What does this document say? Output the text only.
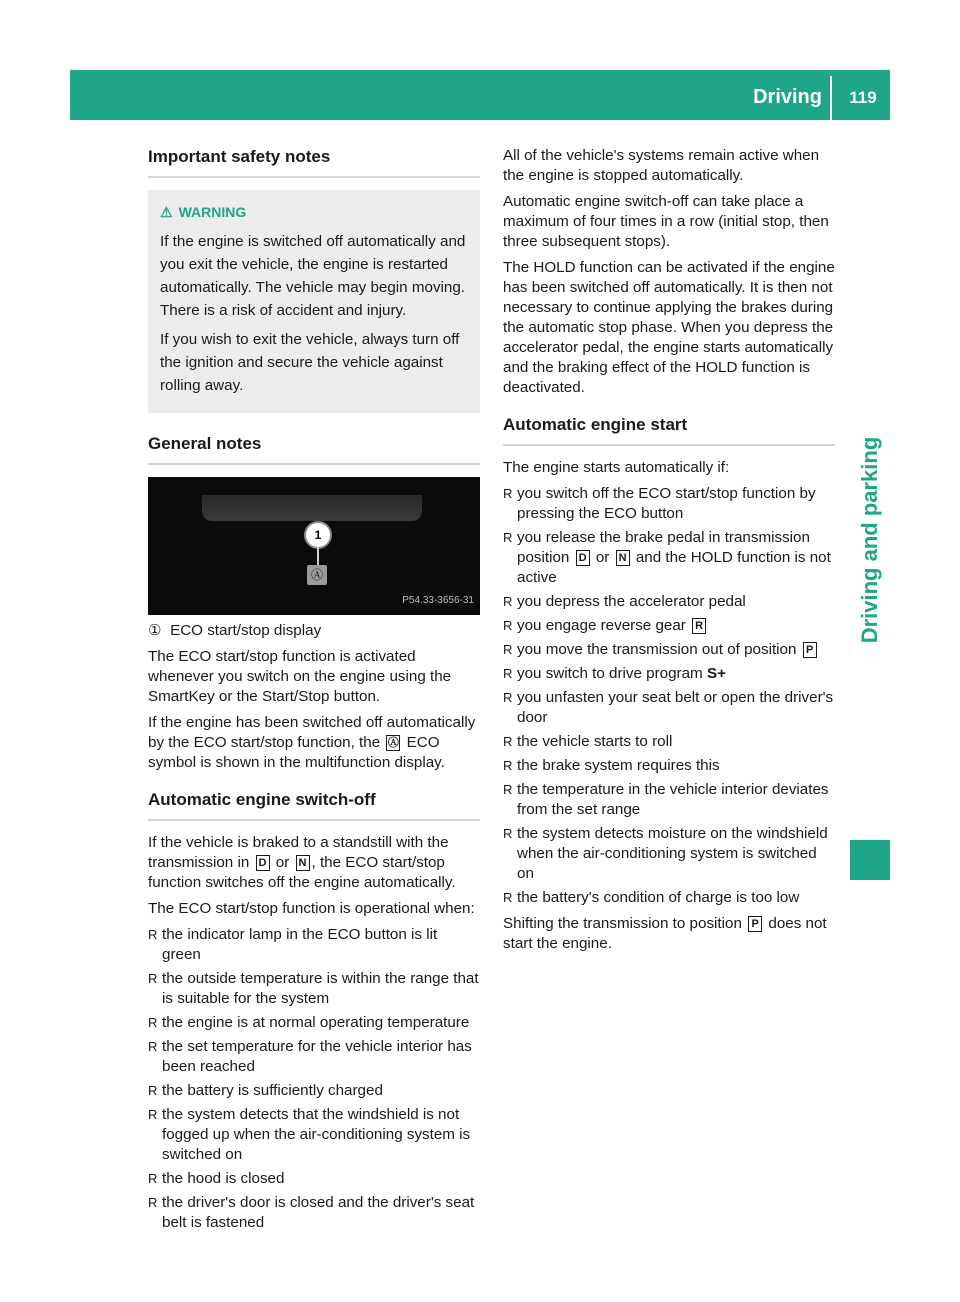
Driving	119
Driving and parking
Important safety notes
⚠ WARNING

If the engine is switched off automatically and you exit the vehicle, the engine is restarted automatically. The vehicle may begin moving. There is a risk of accident and injury.

If you wish to exit the vehicle, always turn off the ignition and secure the vehicle against rolling away.

General notes
1
Ⓐ
P54.33-3656-31

① ECO start/stop display

The ECO start/stop function is activated whenever you switch on the engine using the SmartKey or the Start/Stop button.

If the engine has been switched off automatically by the ECO start/stop function, the Ⓐ ECO symbol is shown in the multifunction display.

Automatic engine switch-off

If the vehicle is braked to a standstill with the transmission in D or N , the ECO start/stop function switches off the engine automatically.

The ECO start/stop function is operational when:

R the indicator lamp in the ECO button is lit green
R the outside temperature is within the range that is suitable for the system
R the engine is at normal operating temperature
R the set temperature for the vehicle interior has been reached
R the battery is sufficiently charged
R the system detects that the windshield is not fogged up when the air-conditioning system is switched on
R the hood is closed
R the driver's door is closed and the driver's seat belt is fastened

All of the vehicle's systems remain active when the engine is stopped automatically.

Automatic engine switch-off can take place a maximum of four times in a row (initial stop, then three subsequent stops).

The HOLD function can be activated if the engine has been switched off automatically. It is then not necessary to continue applying the brakes during the automatic stop phase. When you depress the accelerator pedal, the engine starts automatically and the braking effect of the HOLD function is deactivated.

Automatic engine start

The engine starts automatically if:

R you switch off the ECO start/stop function by pressing the ECO button
R you release the brake pedal in transmission position D or N and the HOLD function is not active
R you depress the accelerator pedal
R you engage reverse gear R
R you move the transmission out of position P
R you switch to drive program S+
R you unfasten your seat belt or open the driver's door
R the vehicle starts to roll
R the brake system requires this
R the temperature in the vehicle interior deviates from the set range
R the system detects moisture on the windshield when the air-conditioning system is switched on
R the battery's condition of charge is too low

Shifting the transmission to position P does not start the engine.
